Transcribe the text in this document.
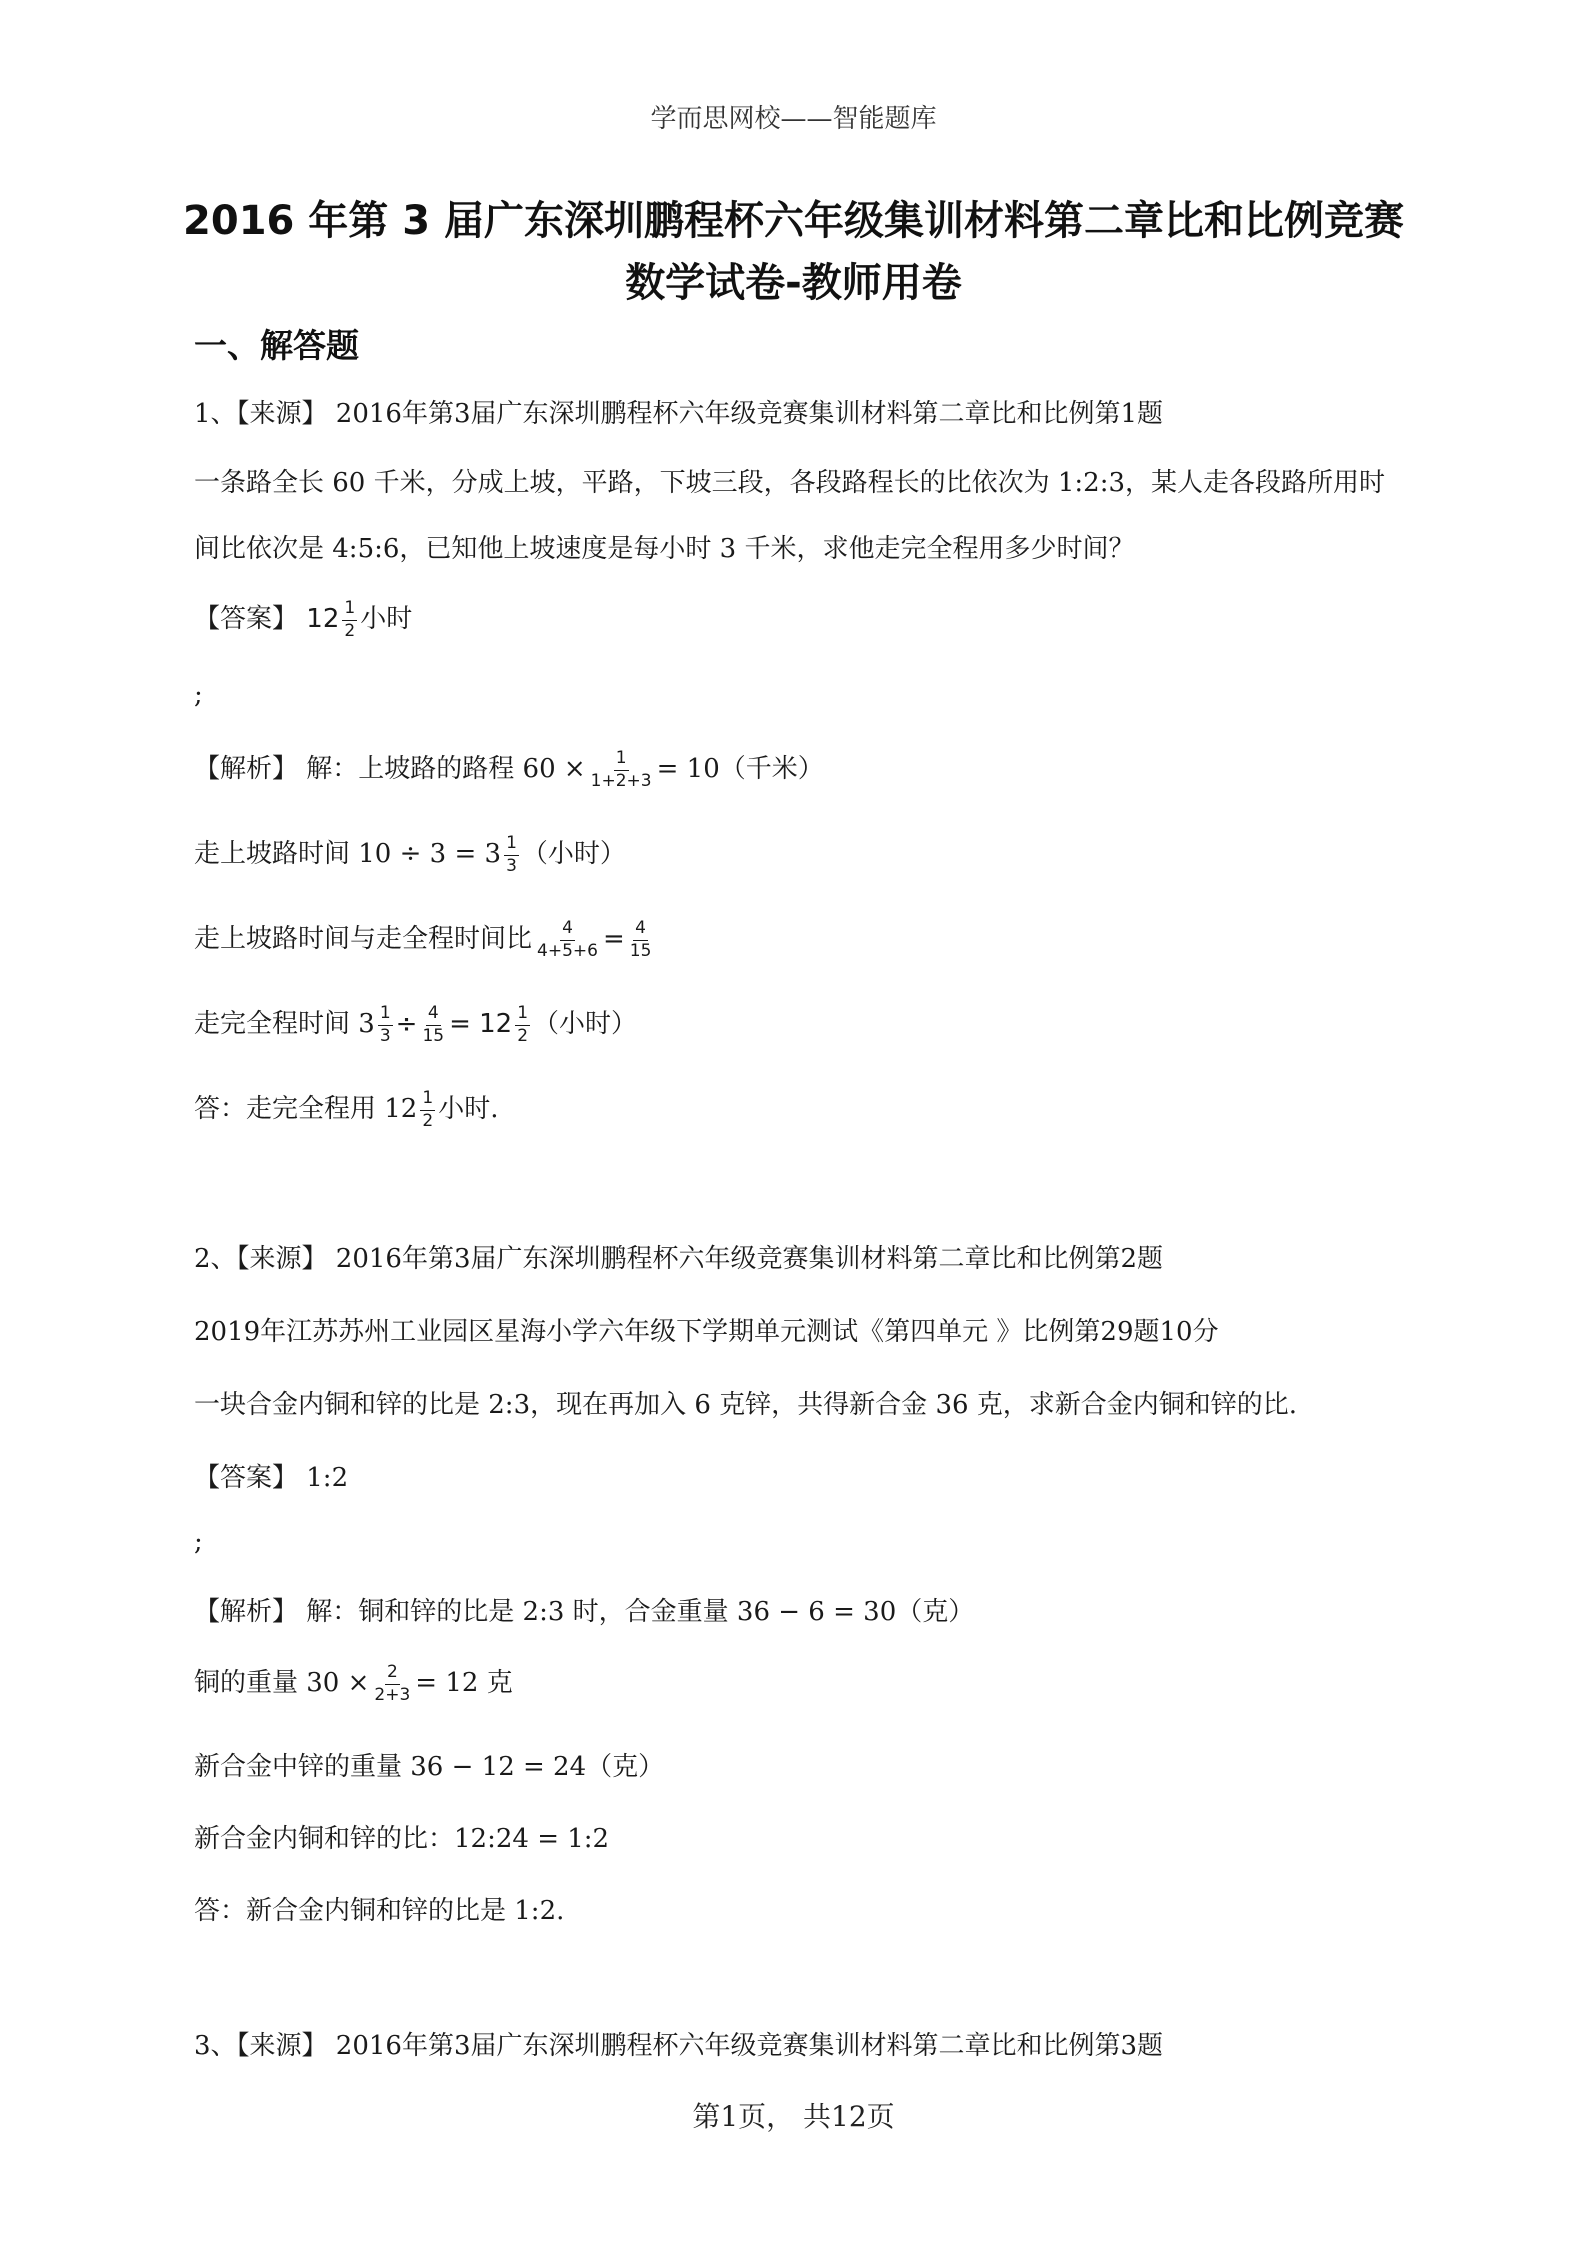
学而思网校——智能题库
2016 年第 3 届广东深圳鹏程杯六年级集训材料第二章比和比例竞赛
数学试卷-教师用卷
一、解答题
1、【来源】 2016年第3届广东深圳鹏程杯六年级竞赛集训材料第二章比和比例第1题
一条路全长 60 千米，分成上坡，平路，下坡三段，各段路程长的比依次为 1:2:3，某人走各段路所用时间比依次是 4:5:6，已知他上坡速度是每小时 3 千米，求他走完全程用多少时间？
【答案】 $12 \frac{1}{2}$ 小时
;
【解析】 解：上坡路的路程 $60 \times \frac{1}{1+2+3} = 10$（千米）
走上坡路时间 $10 \div 3 = 3 \frac{1}{3}$ （小时）
走上坡路时间与走全程时间比 $\frac{4}{4+5+6} = \frac{4}{15}$
走完全程时间 $3 \frac{1}{3} \div \frac{4}{15} = 12 \frac{1}{2}$ （小时）
答：走完全程用 $12 \frac{1}{2}$ 小时.
2、【来源】 2016年第3届广东深圳鹏程杯六年级竞赛集训材料第二章比和比例第2题
2019年江苏苏州工业园区星海小学六年级下学期单元测试《第四单元 》比例第29题10分
一块合金内铜和锌的比是 2:3，现在再加入 6 克锌，共得新合金 36 克，求新合金内铜和锌的比.
【答案】 1:2
;
【解析】 解：铜和锌的比是 2:3 时，合金重量 36 − 6 = 30（克）
铜的重量 $30 \times \frac{2}{2+3} = 12$ 克
新合金中锌的重量 36 − 12 = 24（克）
新合金内铜和锌的比：12:24 = 1:2
答：新合金内铜和锌的比是 1:2.
3、【来源】 2016年第3届广东深圳鹏程杯六年级竞赛集训材料第二章比和比例第3题
第1页， 共12页
